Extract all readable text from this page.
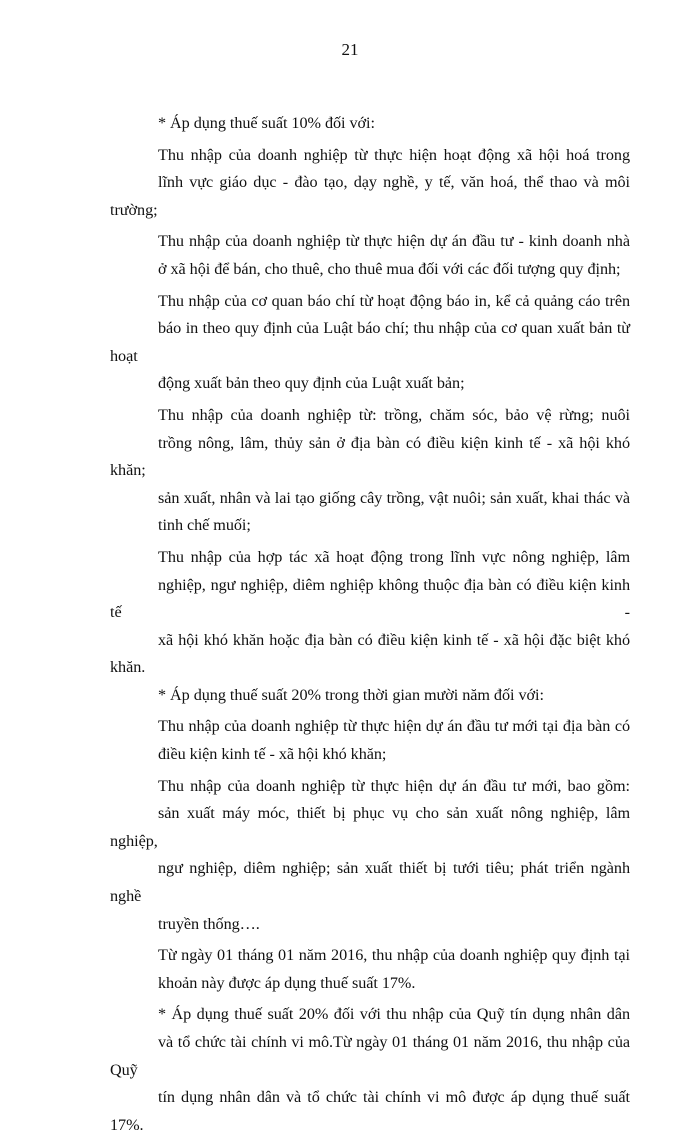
21

* Áp dụng thuế suất 10% đối với:

Thu nhập của doanh nghiệp từ thực hiện hoạt động xã hội hoá trong
lĩnh vực giáo dục - đào tạo, dạy nghề, y tế, văn hoá, thể thao và môi trường;

Thu nhập của doanh nghiệp từ thực hiện dự án đầu tư - kinh doanh nhà
ở xã hội để bán, cho thuê, cho thuê mua đối với các đối tượng quy định;

Thu nhập của cơ quan báo chí từ hoạt động báo in, kể cả quảng cáo trên
báo in theo quy định của Luật báo chí; thu nhập của cơ quan xuất bản từ hoạt
động xuất bản theo quy định của Luật xuất bản;

Thu nhập của doanh nghiệp từ: trồng, chăm sóc, bảo vệ rừng; nuôi
trồng nông, lâm, thủy sản ở địa bàn có điều kiện kinh tế - xã hội khó khăn;
sản xuất, nhân và lai tạo giống cây trồng, vật nuôi; sản xuất, khai thác và
tinh chế muối;

Thu nhập của hợp tác xã hoạt động trong lĩnh vực nông nghiệp, lâm
nghiệp, ngư nghiệp, diêm nghiệp không thuộc địa bàn có điều kiện kinh tế -
xã hội khó khăn hoặc địa bàn có điều kiện kinh tế - xã hội đặc biệt khó khăn.

* Áp dụng thuế suất 20% trong thời gian mười năm đối với:

Thu nhập của doanh nghiệp từ thực hiện dự án đầu tư mới tại địa bàn có
điều kiện kinh tế - xã hội khó khăn;

Thu nhập của doanh nghiệp từ thực hiện dự án đầu tư mới, bao gồm:
sản xuất máy móc, thiết bị phục vụ cho sản xuất nông nghiệp, lâm nghiệp,
ngư nghiệp, diêm nghiệp; sản xuất thiết bị tưới tiêu; phát triển ngành nghề
truyền thống….

Từ ngày 01 tháng 01 năm 2016, thu nhập của doanh nghiệp quy định tại
khoản này được áp dụng thuế suất 17%.

* Áp dụng thuế suất 20% đối với thu nhập của Quỹ tín dụng nhân dân
và tổ chức tài chính vi mô.Từ ngày 01 tháng 01 năm 2016, thu nhập của Quỹ
tín dụng nhân dân và tổ chức tài chính vi mô được áp dụng thuế suất 17%.
